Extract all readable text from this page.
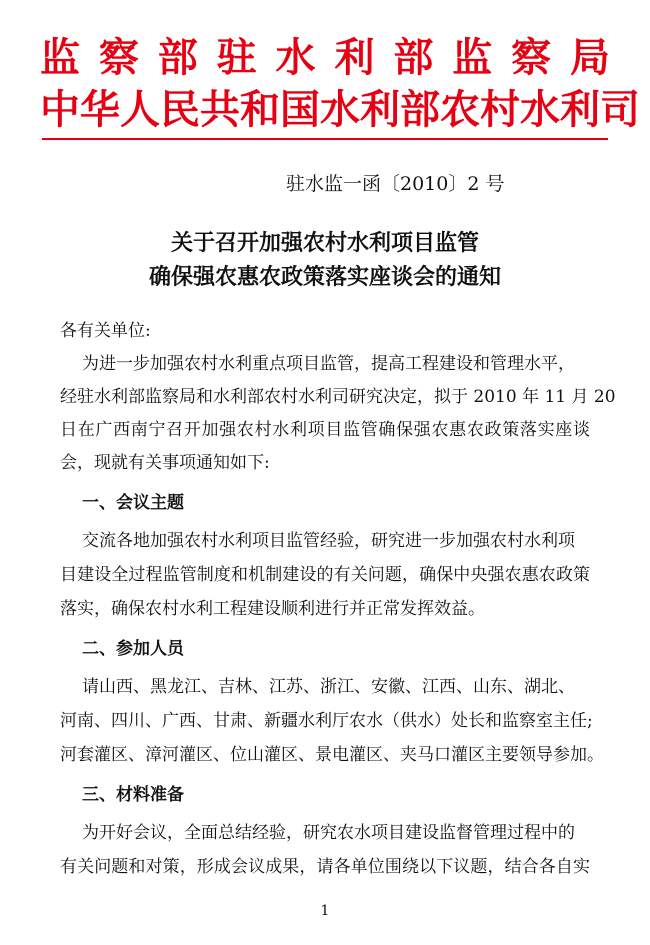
监察部驻水利部监察局
中华人民共和国水利部农村水利司
驻水监一函〔2010〕2 号
关于召开加强农村水利项目监管
确保强农惠农政策落实座谈会的通知
各有关单位:
为进一步加强农村水利重点项目监管，提高工程建设和管理水平，
经驻水利部监察局和水利部农村水利司研究决定，拟于 2010 年 11 月 20
日在广西南宁召开加强农村水利项目监管确保强农惠农政策落实座谈
会，现就有关事项通知如下:
一、会议主题
交流各地加强农村水利项目监管经验，研究进一步加强农村水利项
目建设全过程监管制度和机制建设的有关问题，确保中央强农惠农政策
落实，确保农村水利工程建设顺利进行并正常发挥效益。
二、参加人员
请山西、黑龙江、吉林、江苏、浙江、安徽、江西、山东、湖北、
河南、四川、广西、甘肃、新疆水利厅农水（供水）处长和监察室主任;
河套灌区、漳河灌区、位山灌区、景电灌区、夹马口灌区主要领导参加。
三、材料准备
为开好会议，全面总结经验，研究农水项目建设监督管理过程中的
有关问题和对策，形成会议成果，请各单位围绕以下议题，结合各自实
1
